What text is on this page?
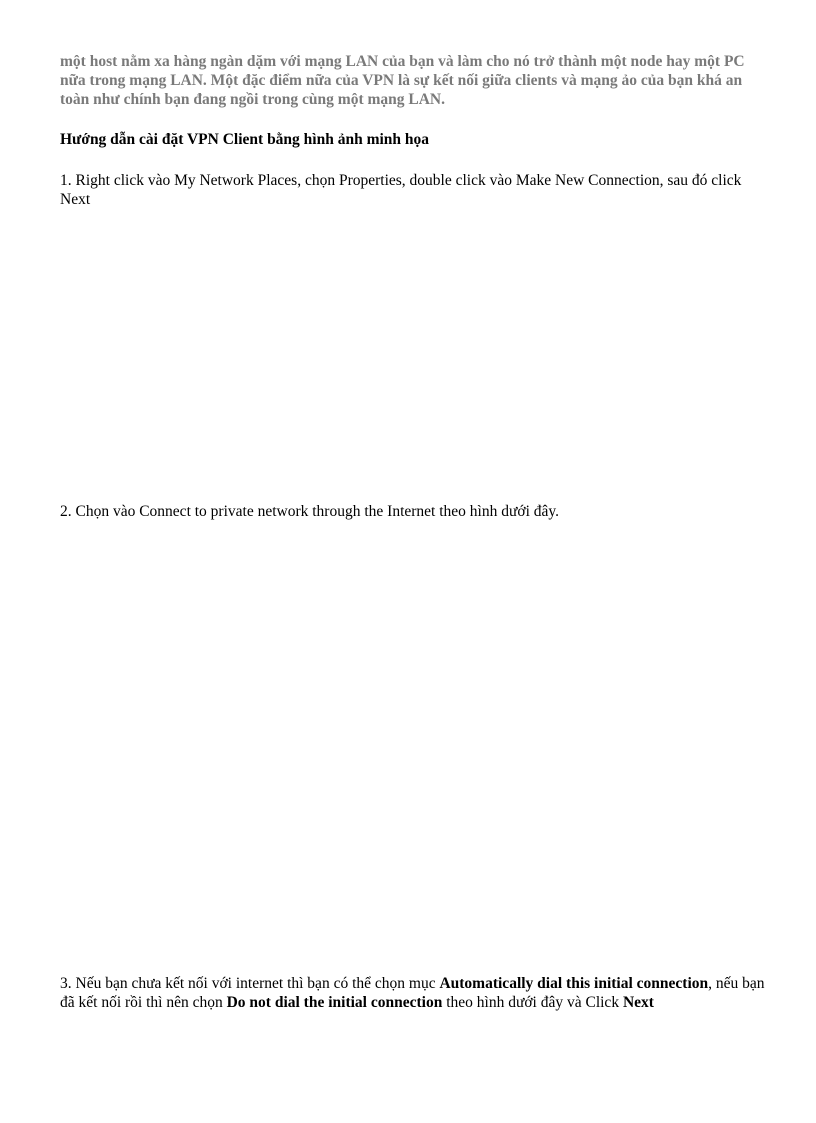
một host nằm xa hàng ngàn dặm với mạng LAN của bạn và làm cho nó trở thành một node hay một PC nữa trong mạng LAN. Một đặc điểm nữa của VPN là sự kết nối giữa clients và mạng ảo của bạn khá an toàn như chính bạn đang ngồi trong cùng một mạng LAN.

Hướng dẫn cài đặt VPN Client bằng hình ảnh minh họa

1. Right click vào My Network Places, chọn Properties, double click vào Make New Connection, sau đó click Next

2. Chọn vào Connect to private network through the Internet theo hình dưới đây.

3. Nếu bạn chưa kết nối với internet thì bạn có thể chọn mục Automatically dial this initial connection, nếu bạn đã kết nối rồi thì nên chọn Do not dial the initial connection theo hình dưới đây và Click Next
